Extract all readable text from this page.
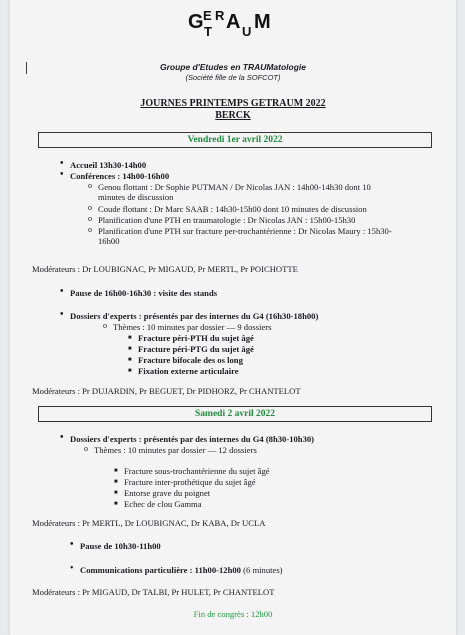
G E
T
R A U M
Groupe d'Etudes en TRAUMatologie
(Société fille de la SOFCOT)
JOURNES PRINTEMPS GETRAUM 2022
BERCK
Vendredi 1er avril 2022
• Accueil 13h30-14h00
• Conférences : 14h00-16h00
o Genou flottant : Dr Sophie PUTMAN / Dr Nicolas JAN : 14h00-14h30 dont 10
minutes de discussion
o Coude flottant : Dr Marc SAAB : 14h30-15h00 dont 10 minutes de discussion
o Planification d'une PTH en traumatologie : Dr Nicolas JAN : 15h00-15h30
o Planification d'une PTH sur fracture per-trochantérienne : Dr Nicolas Maury : 15h30-
16h00
Modérateurs : Dr LOUBIGNAC, Pr MIGAUD, Pr MERTL, Pr POICHOTTE
• Pause de 16h00-16h30 : visite des stands
• Dossiers d'experts : présentés par des internes du G4 (16h30-18h00)
o Thèmes : 10 minutes par dossier — 9 dossiers
■ Fracture péri-PTH du sujet âgé
■ Fracture péri-PTG du sujet âgé
■ Fracture bifocale des os long
■ Fixation externe articulaire
Modérateurs : Pr DUJARDIN, Pr BEGUET, Dr PIDHORZ, Pr CHANTELOT
Samedi 2 avril 2022
• Dossiers d'experts : présentés par des internes du G4 (8h30-10h30)
o Thèmes : 10 minutes par dossier — 12 dossiers
■ Fracture sous-trochantérienne du sujet âgé
■ Fracture inter-prothétique du sujet âgé
■ Entorse grave du poignet
■ Echec de clou Gamma
Modérateurs : Pr MERTL, Dr LOUBIGNAC, Dr KABA, Dr UCLA
• Pause de 10h30-11h00
• Communications particulière : 11h00-12h00 (6 minutes)
Modérateurs : Pr MIGAUD, Dr TALBI, Pr HULET, Pr CHANTELOT
Fin de congrès : 12h00
